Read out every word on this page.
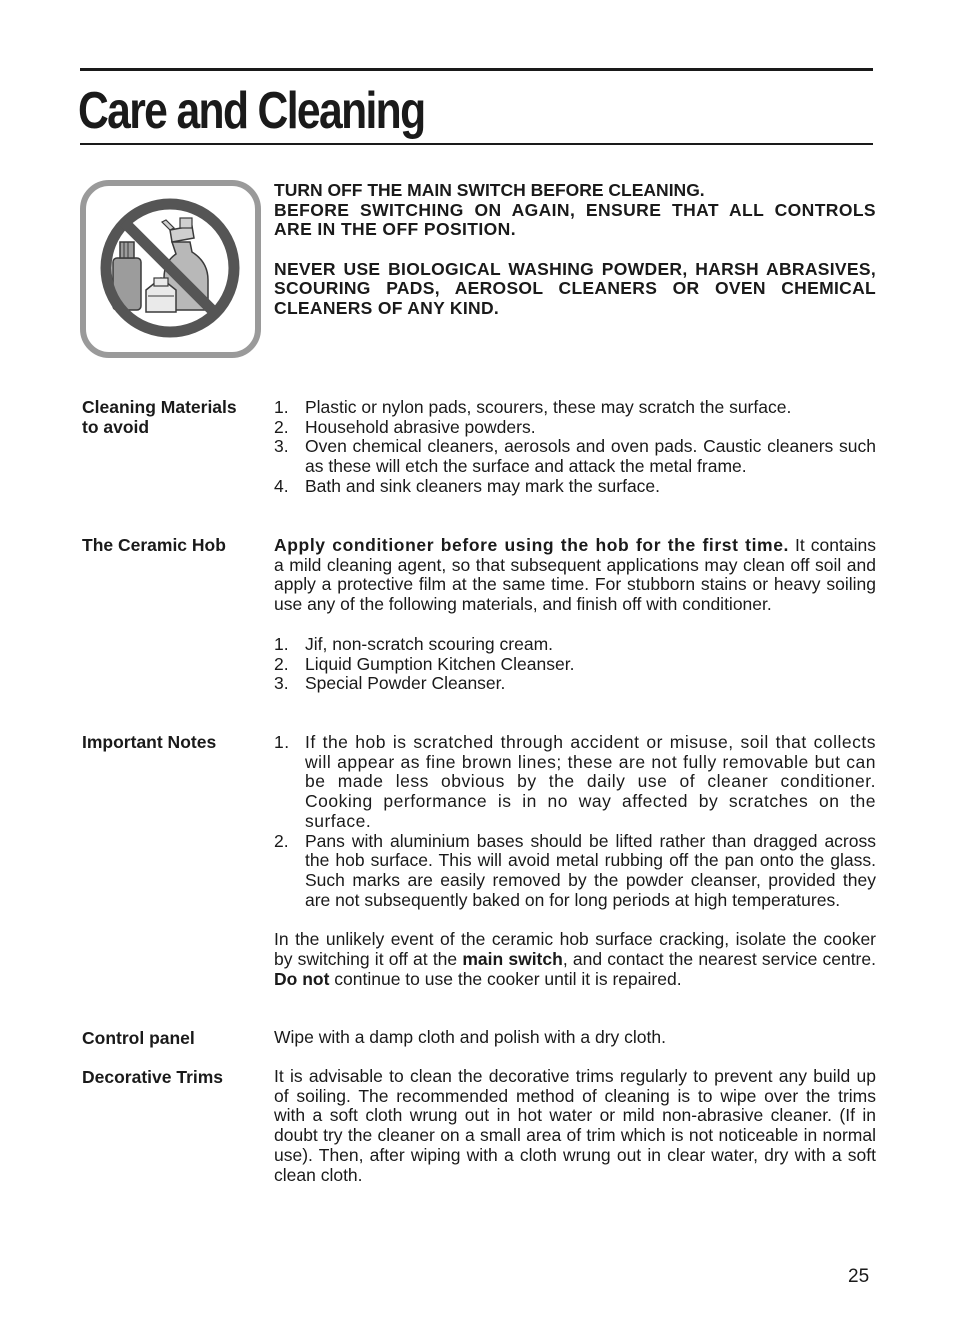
Care and Cleaning

TURN OFF THE MAIN SWITCH BEFORE CLEANING.

BEFORE SWITCHING ON AGAIN, ENSURE THAT ALL CONTROLS ARE IN THE OFF POSITION.

NEVER USE BIOLOGICAL WASHING POWDER, HARSH ABRASIVES, SCOURING PADS, AEROSOL CLEANERS OR OVEN CHEMICAL CLEANERS OF ANY KIND.

Cleaning Materials to avoid
1. Plastic or nylon pads, scourers, these may scratch the surface.
2. Household abrasive powders.
3. Oven chemical cleaners, aerosols and oven pads. Caustic cleaners such as these will etch the surface and attack the metal frame.
4. Bath and sink cleaners may mark the surface.
The Ceramic Hob	Apply conditioner before using the hob for the first time. It contains a mild cleaning agent, so that subsequent applications may clean off soil and apply a protective film at the same time. For stubborn stains or heavy soiling use any of the following materials, and finish off with conditioner.

1. Jif, non-scratch scouring cream.
2. Liquid Gumption Kitchen Cleanser.
3. Special Powder Cleanser.
Important Notes	1. If the hob is scratched through accident or misuse, soil that collects will appear as fine brown lines; these are not fully removable but can be made less obvious by the daily use of cleaner conditioner. Cooking performance is in no way affected by scratches on the surface.
2. Pans with aluminium bases should be lifted rather than dragged across the hob surface. This will avoid metal rubbing off the pan onto the glass. Such marks are easily removed by the powder cleanser, provided they are not subsequently baked on for long periods at high temperatures.

In the unlikely event of the ceramic hob surface cracking, isolate the cooker by switching it off at the main switch, and contact the nearest service centre. Do not continue to use the cooker until it is repaired.

Control panel	Wipe with a damp cloth and polish with a dry cloth.

Decorative Trims	It is advisable to clean the decorative trims regularly to prevent any build up of soiling. The recommended method of cleaning is to wipe over the trims with a soft cloth wrung out in hot water or mild non-abrasive cleaner. (If in doubt try the cleaner on a small area of trim which is not noticeable in normal use). Then, after wiping with a cloth wrung out in clear water, dry with a soft clean cloth.

25
